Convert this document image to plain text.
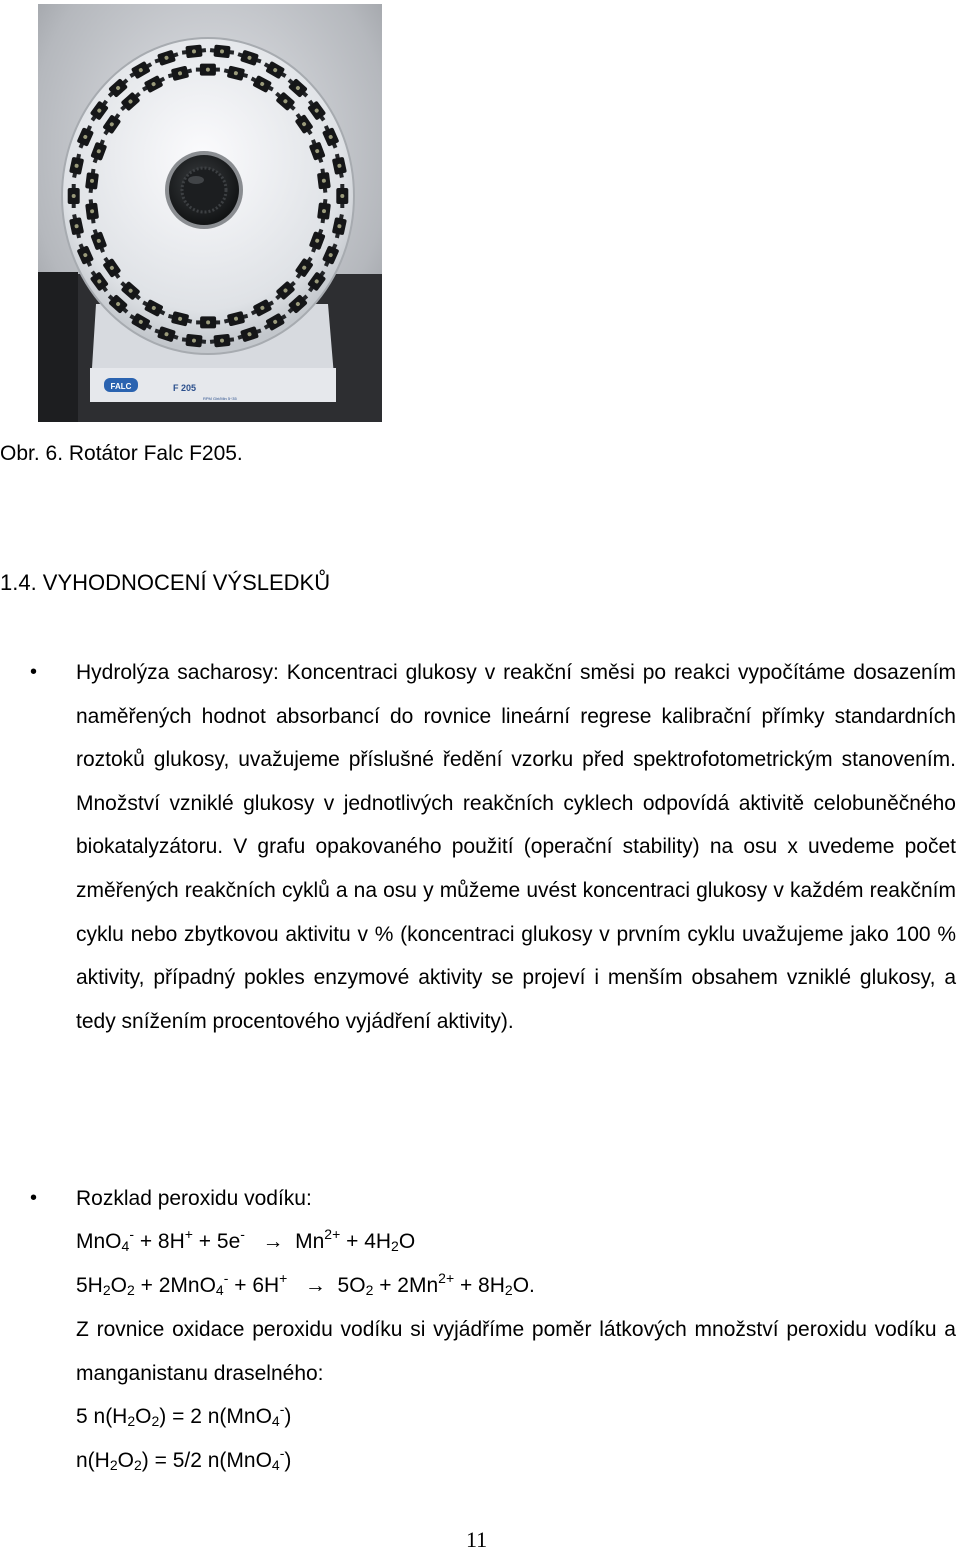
FALC	F 205
RPM Giri/Min 5÷35
Obr. 6. Rotátor Falc F205.
1.4. VYHODNOCENÍ VÝSLEDKŮ
• Hydrolýza sacharosy: Koncentraci glukosy v reakční směsi po reakci vypočítáme dosazením naměřených hodnot absorbancí do rovnice lineární regrese kalibrační přímky standardních roztoků glukosy, uvažujeme příslušné ředění vzorku před spektrofotometrickým stanovením. Množství vzniklé glukosy v jednotlivých reakčních cyklech odpovídá aktivitě celobuněčného biokatalyzátoru. V grafu opakovaného použití (operační stability) na osu x uvedeme počet změřených reakčních cyklů a na osu y můžeme uvést koncentraci glukosy v každém reakčním cyklu nebo zbytkovou aktivitu v % (koncentraci glukosy v prvním cyklu uvažujeme jako 100 % aktivity, případný pokles enzymové aktivity se projeví i menším obsahem vzniklé glukosy, a tedy snížením procentového vyjádření aktivity).

• Rozklad peroxidu vodíku:
$MnO_4^- + 8H^+ + 5e^- \to Mn^{2+} + 4H_2O$
$5H_2O_2 + 2MnO_4^- + 6H^+ \to 5O_2 + 2Mn^{2+} + 8H_2O$.

Z rovnice oxidace peroxidu vodíku si vyjádříme poměr látkových množství peroxidu vodíku a manganistanu draselného:

5 $n(H_2O_2) = 2$ n(MnO$_4$-)
$n(H_2O_2) = 5/2$ n(MnO$_4$-)
11
